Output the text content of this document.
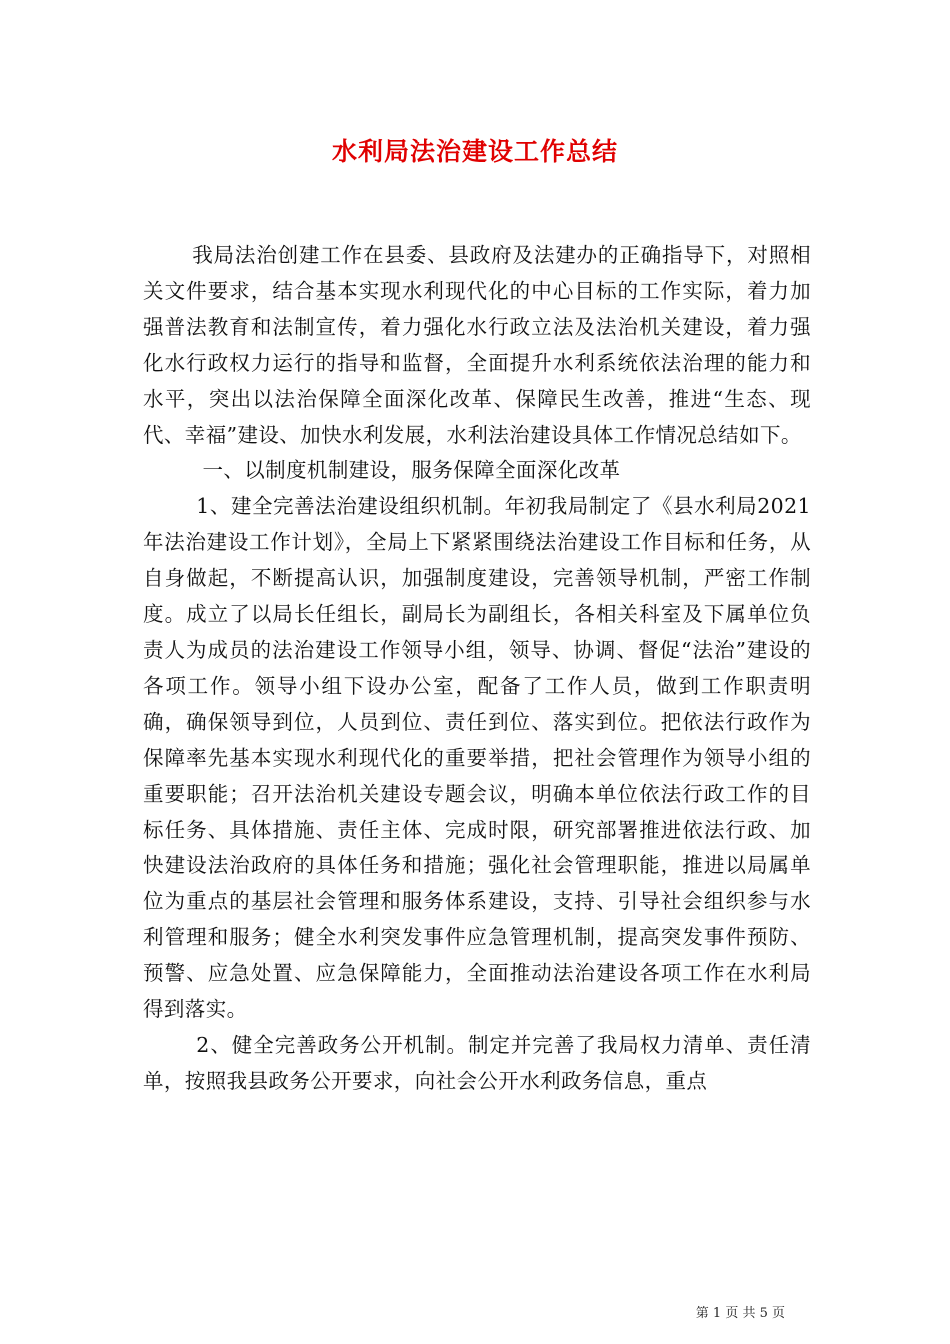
水利局法治建设工作总结

我局法治创建工作在县委、县政府及法建办的正确指导下，对照相关文件要求，结合基本实现水利现代化的中心目标的工作实际，着力加强普法教育和法制宣传，着力强化水行政立法及法治机关建设，着力强化水行政权力运行的指导和监督，全面提升水利系统依法治理的能力和水平，突出以法治保障全面深化改革、保障民生改善，推进“生态、现代、幸福”建设、加快水利发展，水利法治建设具体工作情况总结如下。

一、以制度机制建设，服务保障全面深化改革

1、建全完善法治建设组织机制。年初我局制定了《县水利局2021年法治建设工作计划》，全局上下紧紧围绕法治建设工作目标和任务，从自身做起，不断提高认识，加强制度建设，完善领导机制，严密工作制度。成立了以局长任组长，副局长为副组长，各相关科室及下属单位负责人为成员的法治建设工作领导小组，领导、协调、督促“法治”建设的各项工作。领导小组下设办公室，配备了工作人员，做到工作职责明确，确保领导到位，人员到位、责任到位、落实到位。把依法行政作为保障率先基本实现水利现代化的重要举措，把社会管理作为领导小组的重要职能；召开法治机关建设专题会议，明确本单位依法行政工作的目标任务、具体措施、责任主体、完成时限，研究部署推进依法行政、加快建设法治政府的具体任务和措施；强化社会管理职能，推进以局属单位为重点的基层社会管理和服务体系建设，支持、引导社会组织参与水利管理和服务；健全水利突发事件应急管理机制，提高突发事件预防、预警、应急处置、应急保障能力，全面推动法治建设各项工作在水利局得到落实。

2、健全完善政务公开机制。制定并完善了我局权力清单、责任清单，按照我县政务公开要求，向社会公开水利政务信息，重点

第 1 页 共 5 页
